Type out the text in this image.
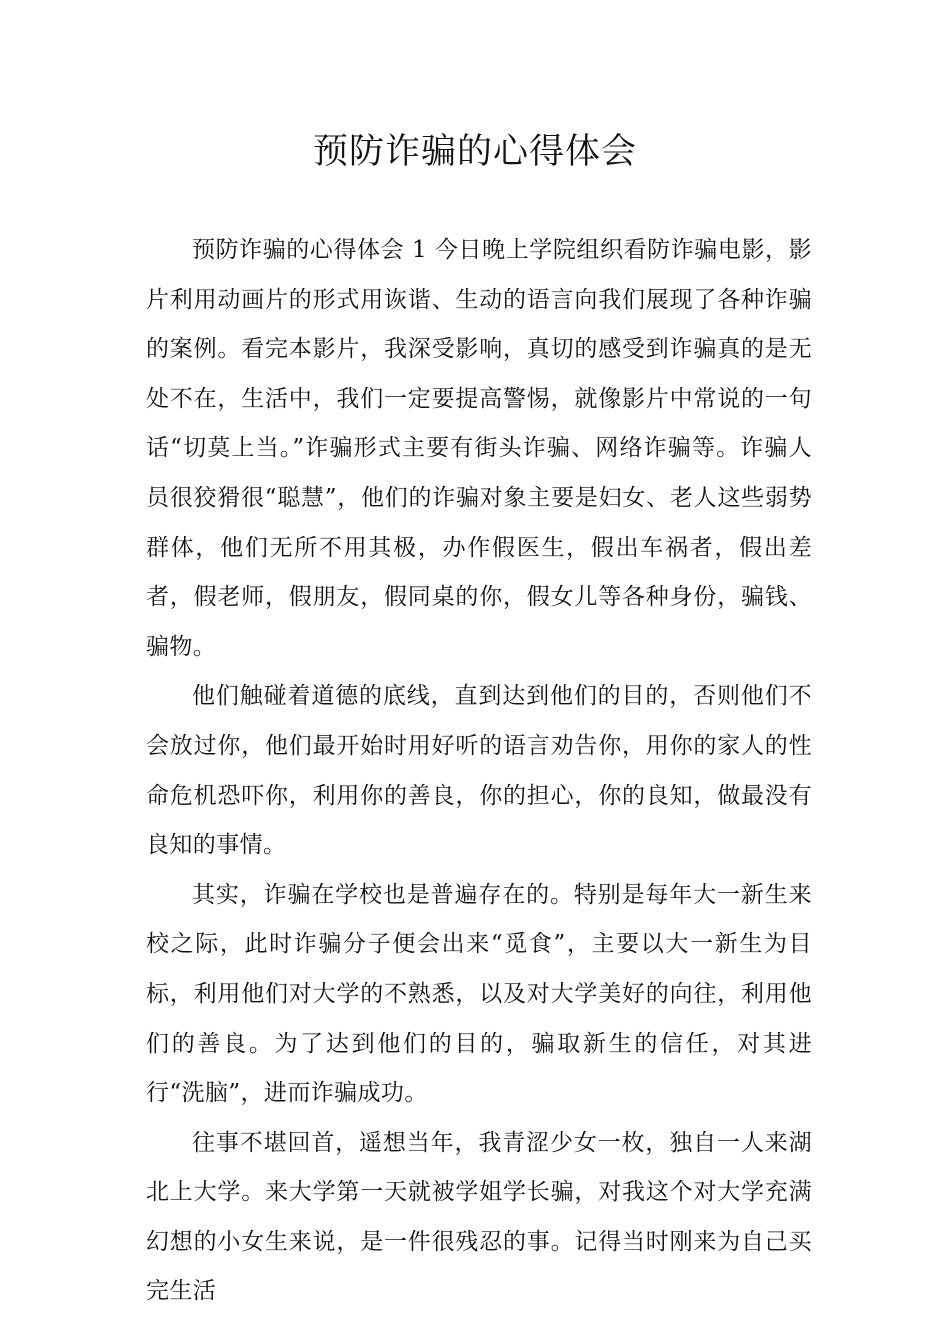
预防诈骗的心得体会

预防诈骗的心得体会 1 今日晚上学院组织看防诈骗电影，影片利用动画片的形式用诙谐、生动的语言向我们展现了各种诈骗的案例。看完本影片，我深受影响，真切的感受到诈骗真的是无处不在，生活中，我们一定要提高警惕，就像影片中常说的一句话“切莫上当。”诈骗形式主要有街头诈骗、网络诈骗等。诈骗人员很狡猾很“聪慧”，他们的诈骗对象主要是妇女、老人这些弱势群体，他们无所不用其极，办作假医生，假出车祸者，假出差者，假老师，假朋友，假同桌的你，假女儿等各种身份，骗钱、骗物。

他们触碰着道德的底线，直到达到他们的目的，否则他们不会放过你，他们最开始时用好听的语言劝告你，用你的家人的性命危机恐吓你，利用你的善良，你的担心，你的良知，做最没有良知的事情。

其实，诈骗在学校也是普遍存在的。特别是每年大一新生来校之际，此时诈骗分子便会出来“觅食”，主要以大一新生为目标，利用他们对大学的不熟悉，以及对大学美好的向往，利用他们的善良。为了达到他们的目的，骗取新生的信任，对其进行“洗脑”，进而诈骗成功。

往事不堪回首，遥想当年，我青涩少女一枚，独自一人来湖北上大学。来大学第一天就被学姐学长骗，对我这个对大学充满幻想的小女生来说，是一件很残忍的事。记得当时刚来为自己买完生活
